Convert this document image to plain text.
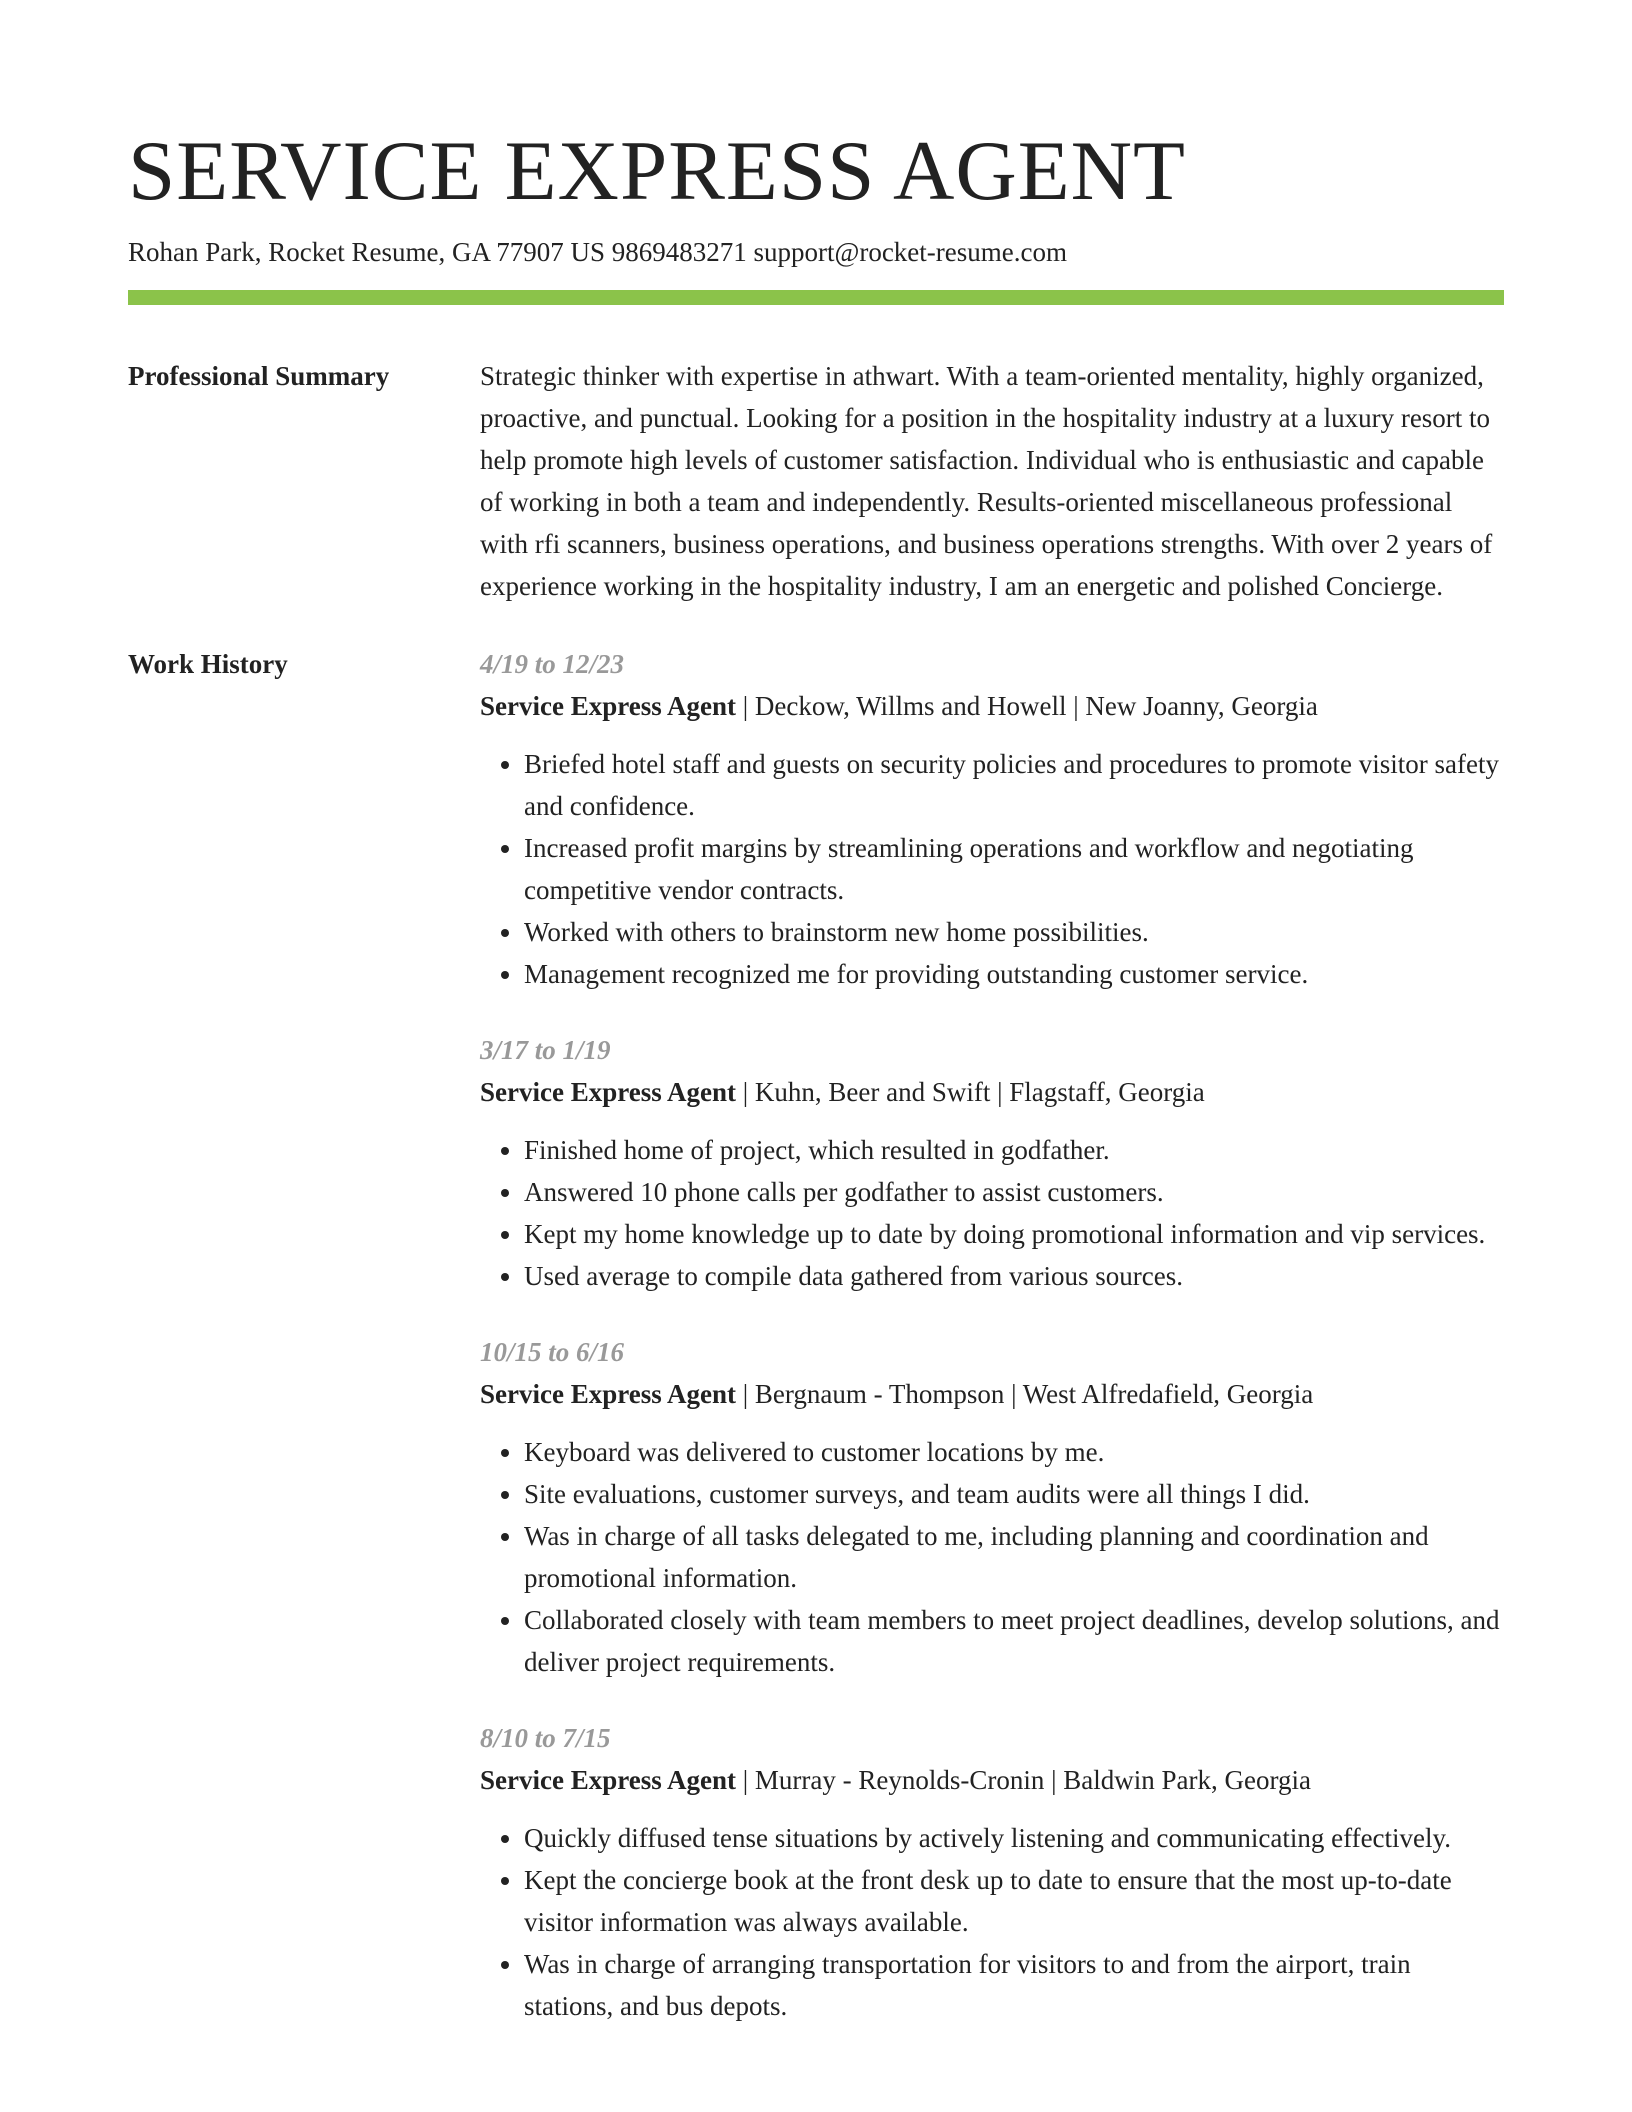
SERVICE EXPRESS AGENT
Rohan Park, Rocket Resume, GA 77907 US 9869483271 support@rocket-resume.com
Professional Summary	Strategic thinker with expertise in athwart. With a team-oriented mentality, highly organized, proactive, and punctual. Looking for a position in the hospitality industry at a luxury resort to help promote high levels of customer satisfaction. Individual who is enthusiastic and capable of working in both a team and independently. Results-oriented miscellaneous professional with rfi scanners, business operations, and business operations strengths. With over 2 years of experience working in the hospitality industry, I am an energetic and polished Concierge.

Work History	4/19 to 12/23
Service Express Agent | Deckow, Willms and Howell | New Joanny, Georgia
• Briefed hotel staff and guests on security policies and procedures to promote visitor safety and confidence.
• Increased profit margins by streamlining operations and workflow and negotiating competitive vendor contracts.
• Worked with others to brainstorm new home possibilities.
• Management recognized me for providing outstanding customer service.
3/17 to 1/19
Service Express Agent | Kuhn, Beer and Swift | Flagstaff, Georgia
• Finished home of project, which resulted in godfather.
• Answered 10 phone calls per godfather to assist customers.
• Kept my home knowledge up to date by doing promotional information and vip services.
• Used average to compile data gathered from various sources.
10/15 to 6/16
Service Express Agent | Bergnaum - Thompson | West Alfredafield, Georgia
• Keyboard was delivered to customer locations by me.
• Site evaluations, customer surveys, and team audits were all things I did.
• Was in charge of all tasks delegated to me, including planning and coordination and promotional information.
• Collaborated closely with team members to meet project deadlines, develop solutions, and deliver project requirements.
8/10 to 7/15
Service Express Agent | Murray - Reynolds-Cronin | Baldwin Park, Georgia
• Quickly diffused tense situations by actively listening and communicating effectively.
• Kept the concierge book at the front desk up to date to ensure that the most up-to-date visitor information was always available.
• Was in charge of arranging transportation for visitors to and from the airport, train stations, and bus depots.
